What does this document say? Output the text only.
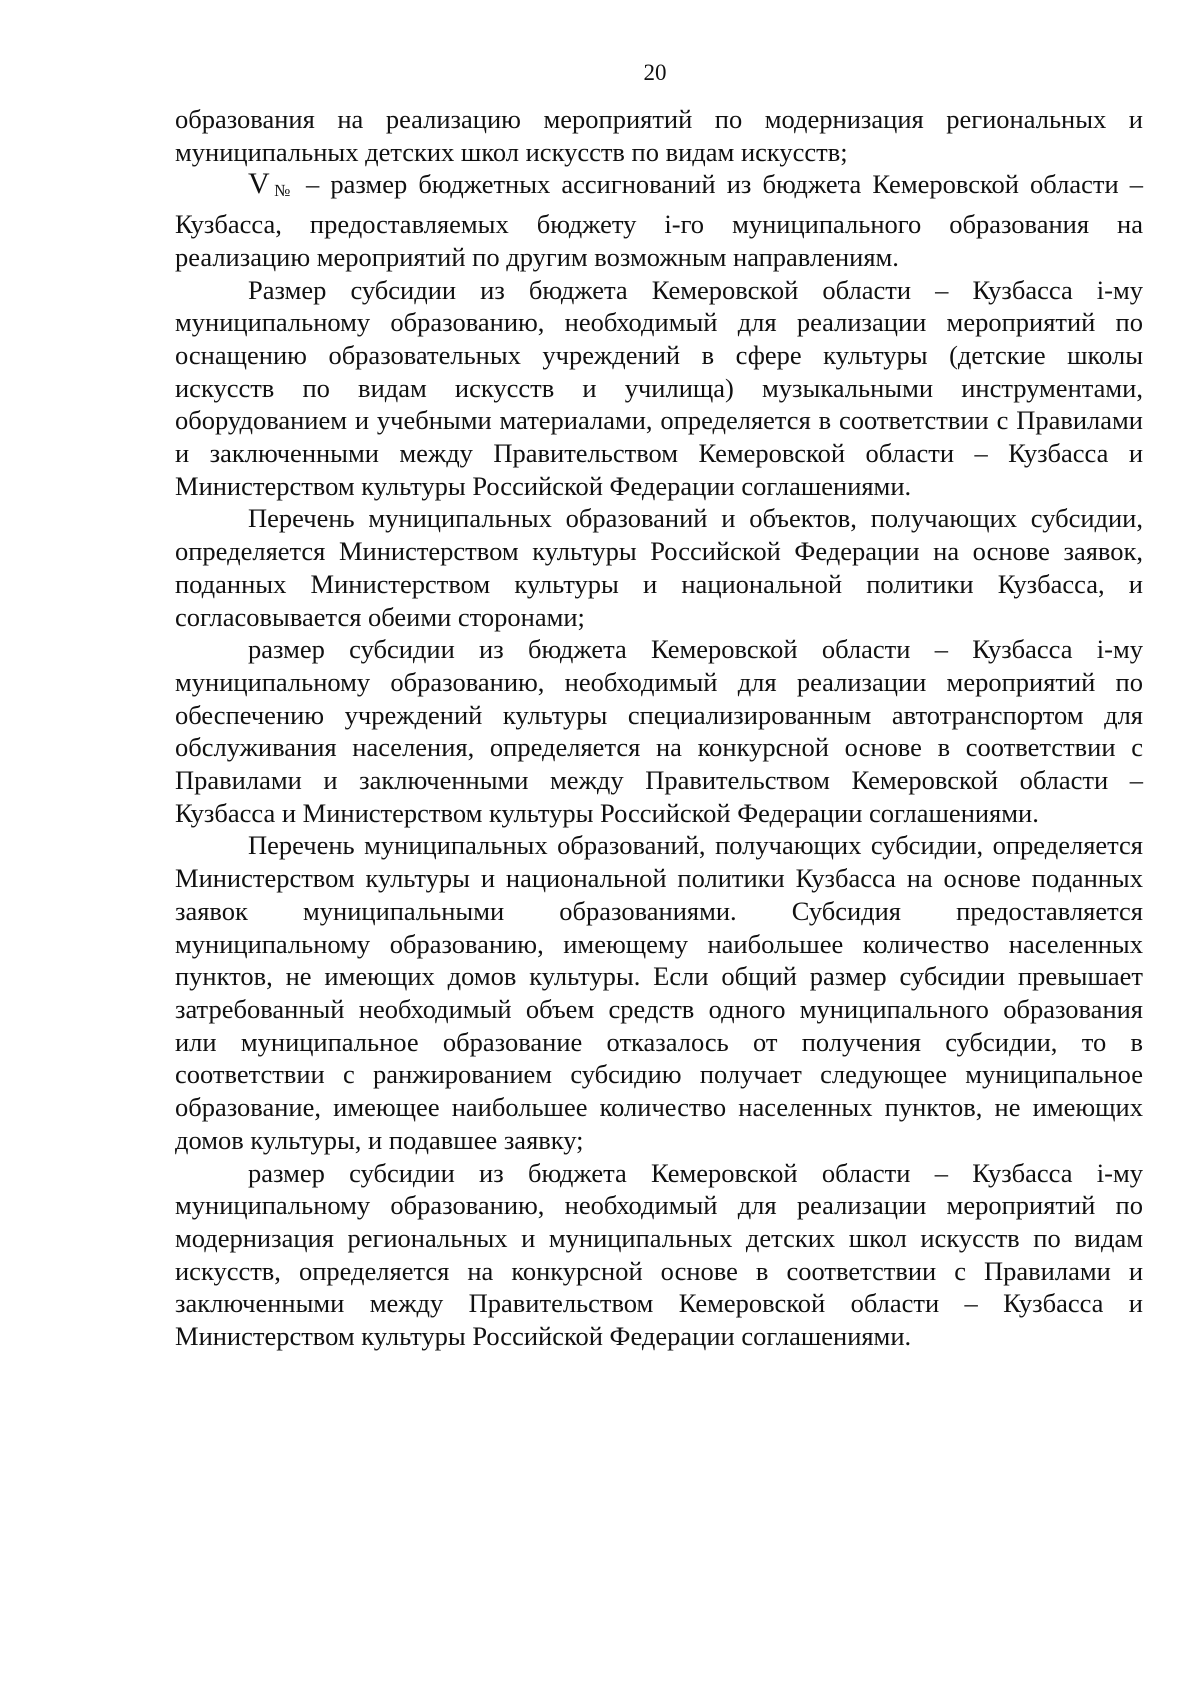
20

образования на реализацию мероприятий по модернизация региональных и муниципальных детских школ искусств по видам искусств;

$V_№$ – размер бюджетных ассигнований из бюджета Кемеровской области – Кузбасса, предоставляемых бюджету i-го муниципального образования на реализацию мероприятий по другим возможным направлениям.

Размер субсидии из бюджета Кемеровской области – Кузбасса i-му муниципальному образованию, необходимый для реализации мероприятий по оснащению образовательных учреждений в сфере культуры (детские школы искусств по видам искусств и училища) музыкальными инструментами, оборудованием и учебными материалами, определяется в соответствии с Правилами и заключенными между Правительством Кемеровской области – Кузбасса и Министерством культуры Российской Федерации соглашениями.

Перечень муниципальных образований и объектов, получающих субсидии, определяется Министерством культуры Российской Федерации на основе заявок, поданных Министерством культуры и национальной политики Кузбасса, и согласовывается обеими сторонами;

размер субсидии из бюджета Кемеровской области – Кузбасса i-му муниципальному образованию, необходимый для реализации мероприятий по обеспечению учреждений культуры специализированным автотранспортом для обслуживания населения, определяется на конкурсной основе в соответствии с Правилами и заключенными между Правительством Кемеровской области – Кузбасса и Министерством культуры Российской Федерации соглашениями.

Перечень муниципальных образований, получающих субсидии, определяется Министерством культуры и национальной политики Кузбасса на основе поданных заявок муниципальными образованиями. Субсидия предоставляется муниципальному образованию, имеющему наибольшее количество населенных пунктов, не имеющих домов культуры. Если общий размер субсидии превышает затребованный необходимый объем средств одного муниципального образования или муниципальное образование отказалось от получения субсидии, то в соответствии с ранжированием субсидию получает следующее муниципальное образование, имеющее наибольшее количество населенных пунктов, не имеющих домов культуры, и подавшее заявку;

размер субсидии из бюджета Кемеровской области – Кузбасса i-му муниципальному образованию, необходимый для реализации мероприятий по модернизация региональных и муниципальных детских школ искусств по видам искусств, определяется на конкурсной основе в соответствии с Правилами и заключенными между Правительством Кемеровской области – Кузбасса и Министерством культуры Российской Федерации соглашениями.
